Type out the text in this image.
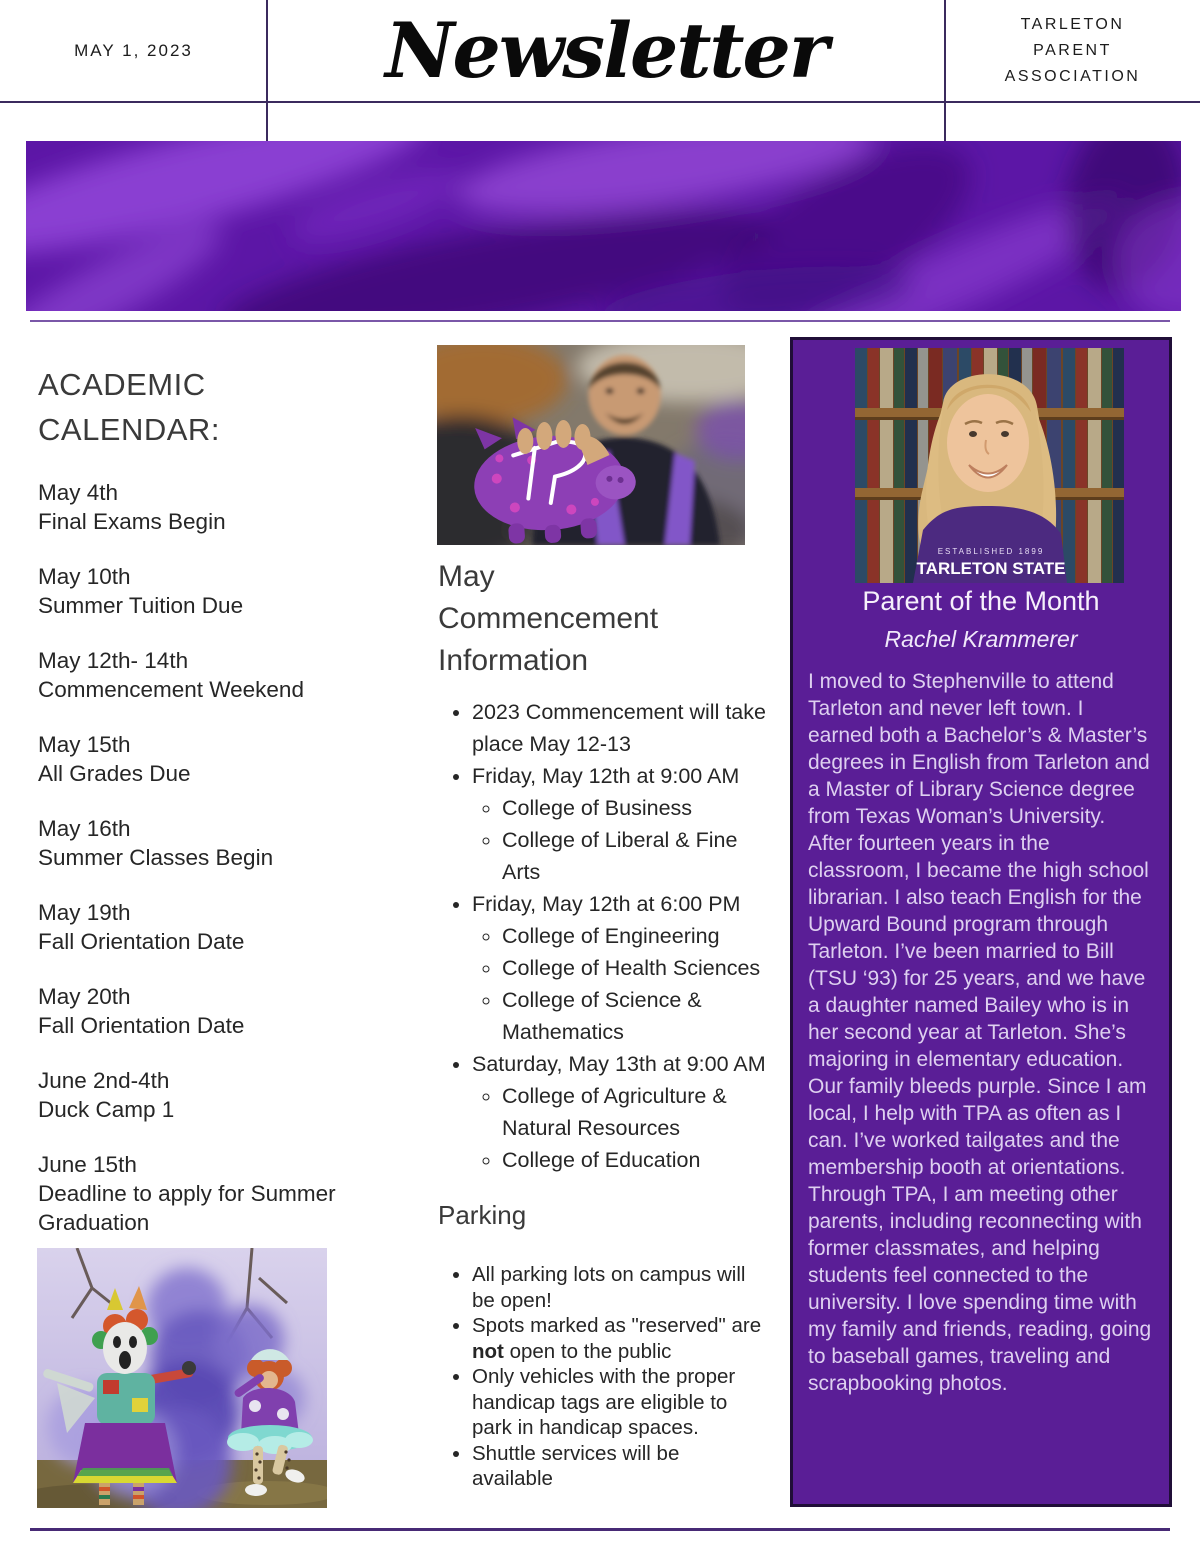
MAY 1, 2023	Newsletter	TARLETON
PARENT
ASSOCIATION
ACADEMIC CALENDAR:
May 4th
Final Exams Begin
May 10th
Summer Tuition Due
May 12th- 14th
Commencement Weekend
May 15th
All Grades Due
May 16th
Summer Classes Begin
May 19th
Fall Orientation Date
May 20th
Fall Orientation Date
June 2nd-4th
Duck Camp 1
June 15th
Deadline to apply for Summer Graduation
May Commencement Information
• 2023 Commencement will take place May 12-13
• Friday, May 12th at 9:00 AM
◦ College of Business
◦ College of Liberal & Fine Arts
• Friday, May 12th at 6:00 PM
◦ College of Engineering
◦ College of Health Sciences
◦ College of Science & Mathematics
• Saturday, May 13th at 9:00 AM
◦ College of Agriculture & Natural Resources
◦ College of Education
Parking
• All parking lots on campus will be open!
• Spots marked as "reserved" are not open to the public
• Only vehicles with the proper handicap tags are eligible to park in handicap spaces.
• Shuttle services will be available
ESTABLISHED 1899
TARLETON STATE
Parent of the Month
Rachel Krammerer

I moved to Stephenville to attend Tarleton and never left town. I earned both a Bachelor’s & Master’s degrees in English from Tarleton and a Master of Library Science degree from Texas Woman’s University. After fourteen years in the classroom, I became the high school librarian. I also teach English for the Upward Bound program through Tarleton. I’ve been married to Bill (TSU ‘93) for 25 years, and we have a daughter named Bailey who is in her second year at Tarleton. She’s majoring in elementary education. Our family bleeds purple. Since I am local, I help with TPA as often as I can. I’ve worked tailgates and the membership booth at orientations. Through TPA, I am meeting other parents, including reconnecting with former classmates, and helping students feel connected to the university. I love spending time with my family and friends, reading, going to baseball games, traveling and scrapbooking photos.
